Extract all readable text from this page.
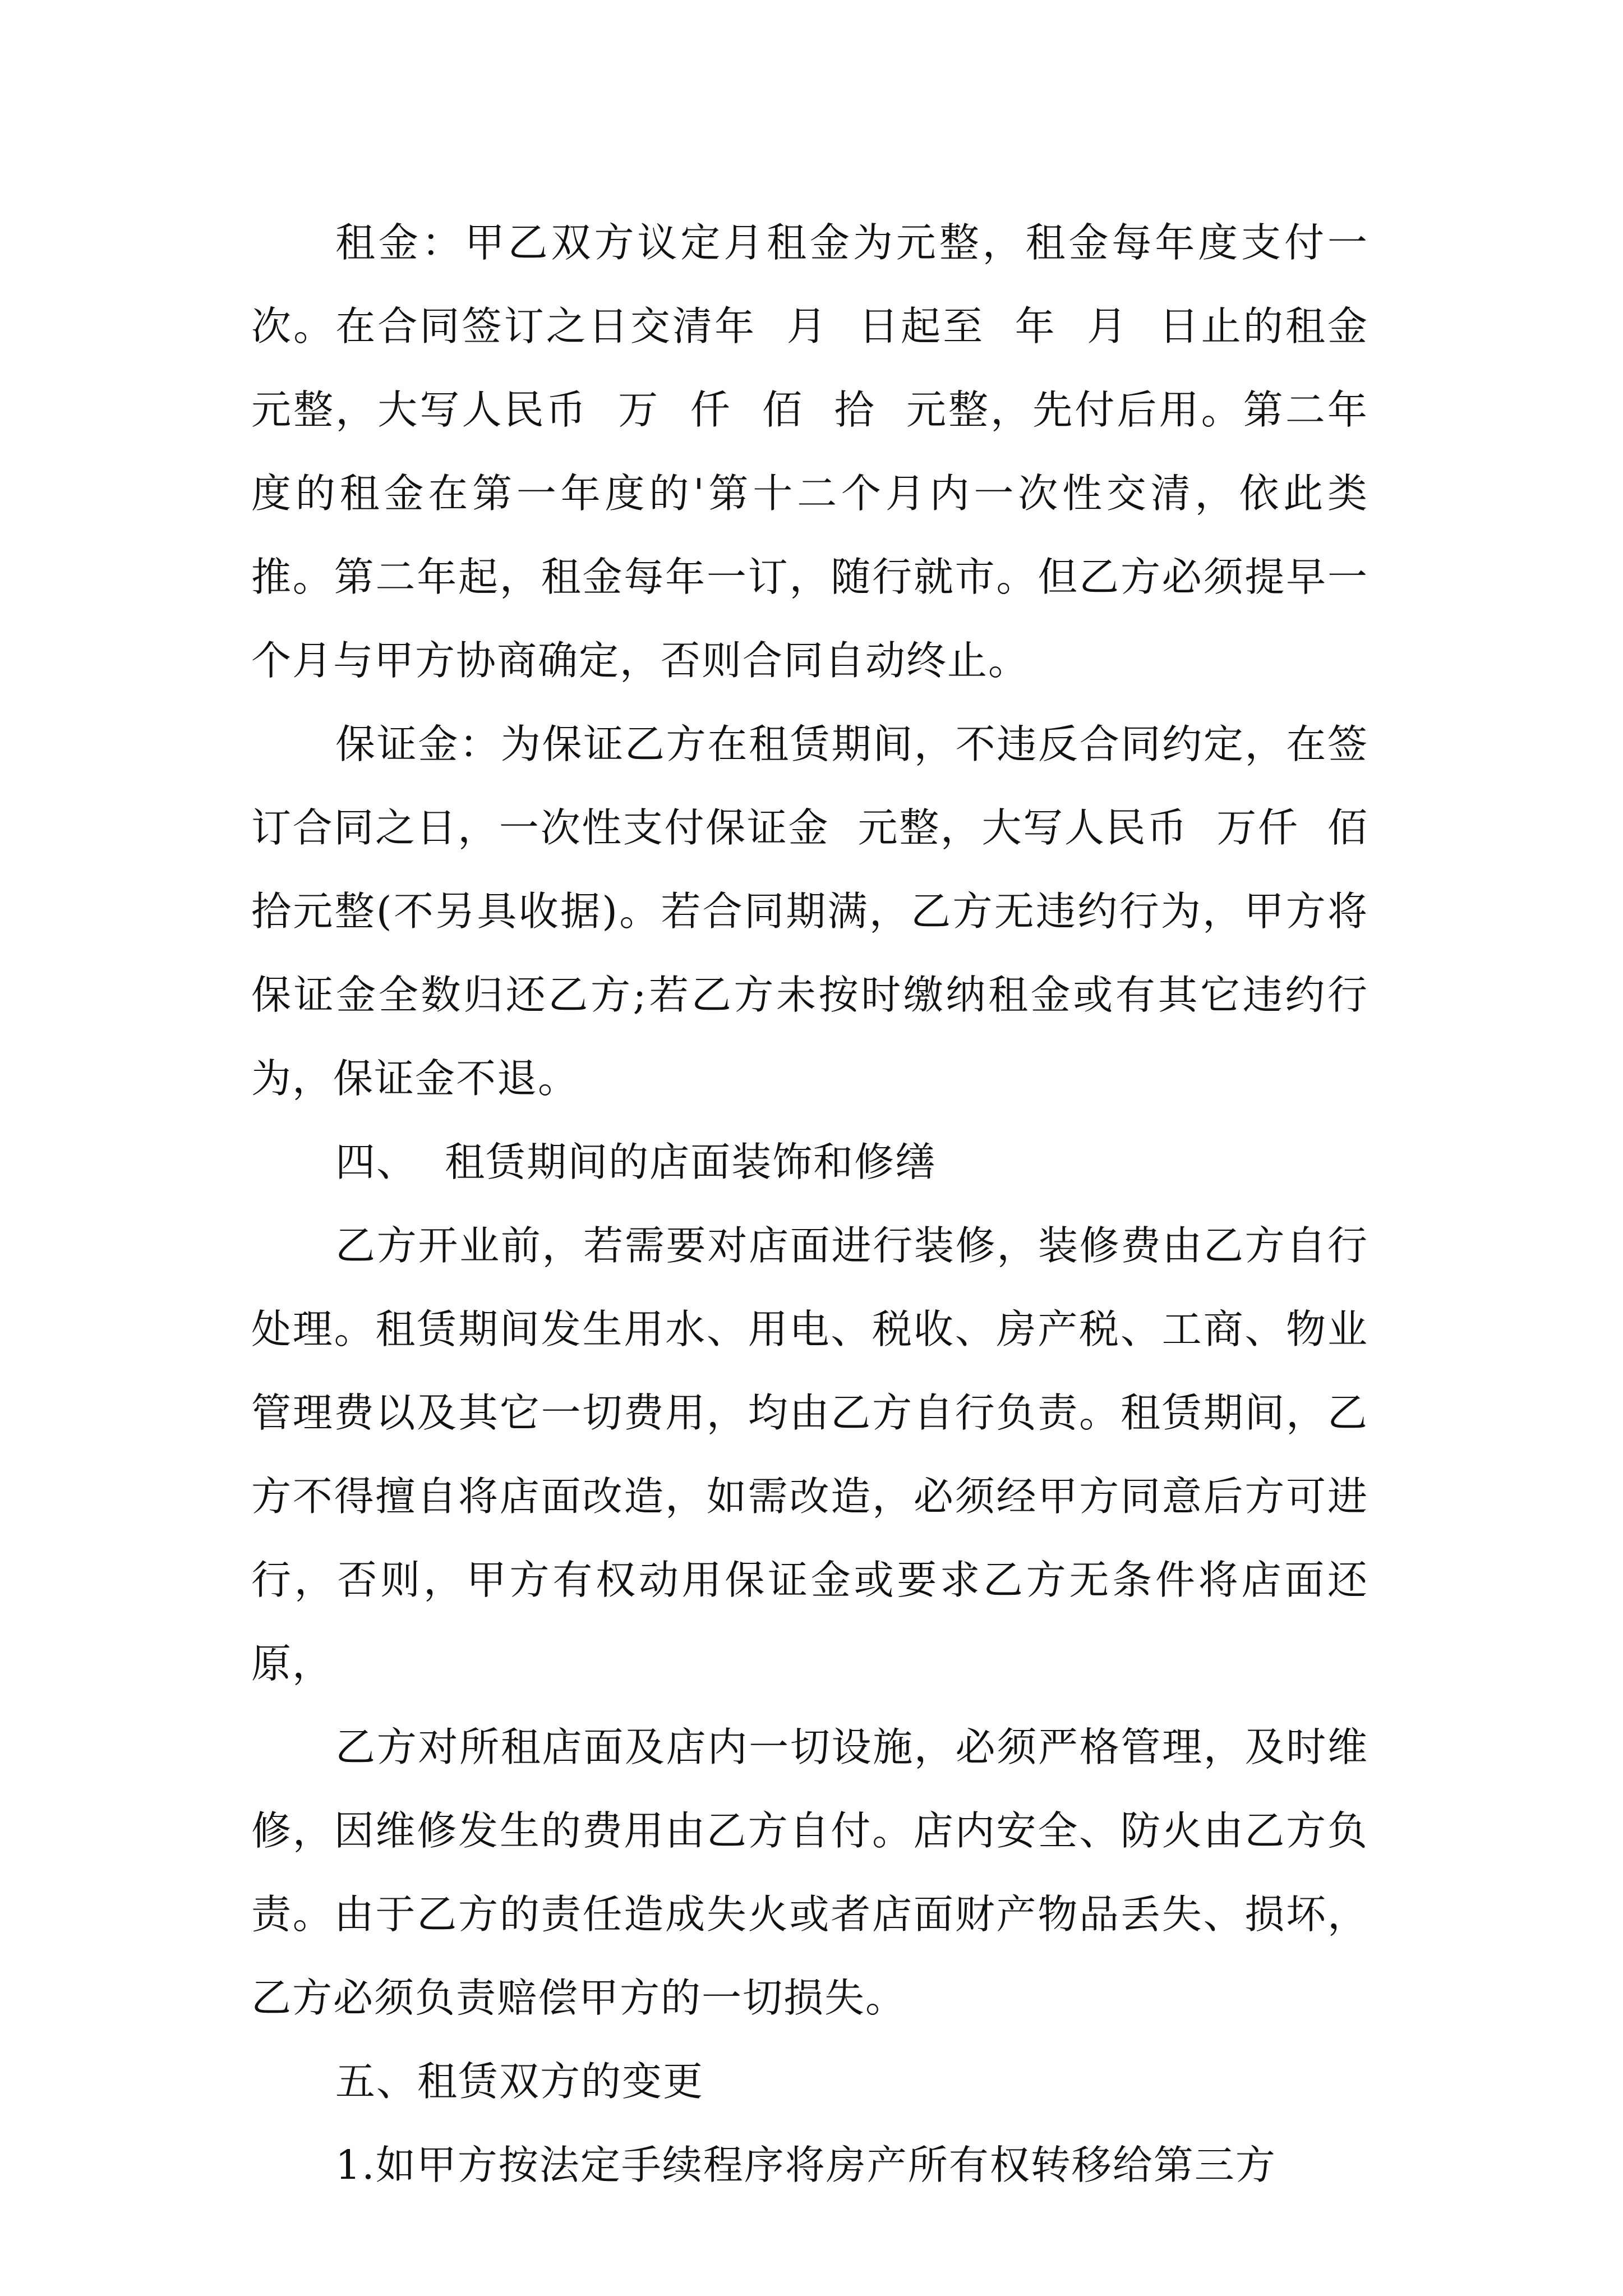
租金：甲乙双方议定月租金为元整，租金每年度支付一次。在合同签订之日交清年  月  日起至  年  月  日止的租金元整，大写人民币  万  仟  佰  拾  元整，先付后用。第二年度的租金在第一年度的'第十二个月内一次性交清，依此类推。第二年起，租金每年一订，随行就市。但乙方必须提早一个月与甲方协商确定，否则合同自动终止。

保证金：为保证乙方在租赁期间，不违反合同约定，在签订合同之日，一次性支付保证金  元整，大写人民币  万仟  佰  拾元整(不另具收据)。若合同期满，乙方无违约行为，甲方将保证金全数归还乙方;若乙方未按时缴纳租金或有其它违约行为，保证金不退。

四、  租赁期间的店面装饰和修缮

乙方开业前，若需要对店面进行装修，装修费由乙方自行处理。租赁期间发生用水、用电、税收、房产税、工商、物业管理费以及其它一切费用，均由乙方自行负责。租赁期间，乙方不得擅自将店面改造，如需改造，必须经甲方同意后方可进行，否则，甲方有权动用保证金或要求乙方无条件将店面还原，

乙方对所租店面及店内一切设施，必须严格管理，及时维修，因维修发生的费用由乙方自付。店内安全、防火由乙方负责。由于乙方的责任造成失火或者店面财产物品丢失、损坏，乙方必须负责赔偿甲方的一切损失。

五、租赁双方的变更

1.如甲方按法定手续程序将房产所有权转移给第三方
